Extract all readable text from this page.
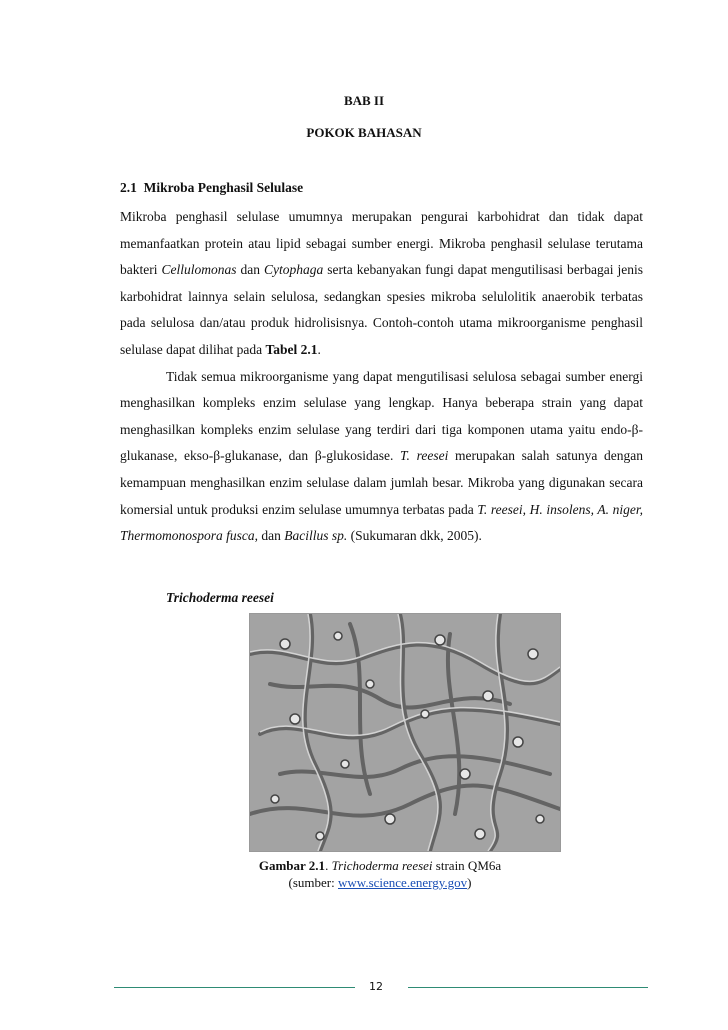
BAB II
POKOK BAHASAN
2.1 Mikroba Penghasil Selulase

Mikroba penghasil selulase umumnya merupakan pengurai karbohidrat dan tidak dapat memanfaatkan protein atau lipid sebagai sumber energi. Mikroba penghasil selulase terutama bakteri Cellulomonas dan Cytophaga serta kebanyakan fungi dapat mengutilisasi berbagai jenis karbohidrat lainnya selain selulosa, sedangkan spesies mikroba selulolitik anaerobik terbatas pada selulosa dan/atau produk hidrolisisnya. Contoh-contoh utama mikroorganisme penghasil selulase dapat dilihat pada Tabel 2.1.

Tidak semua mikroorganisme yang dapat mengutilisasi selulosa sebagai sumber energi menghasilkan kompleks enzim selulase yang lengkap. Hanya beberapa strain yang dapat menghasilkan kompleks enzim selulase yang terdiri dari tiga komponen utama yaitu endo-β-glukanase, ekso-β-glukanase, dan β-glukosidase. T. reesei merupakan salah satunya dengan kemampuan menghasilkan enzim selulase dalam jumlah besar. Mikroba yang digunakan secara komersial untuk produksi enzim selulase umumnya terbatas pada T. reesei, H. insolens, A. niger, Thermomonospora fusca, dan Bacillus sp. (Sukumaran dkk, 2005).

Trichoderma reesei
Gambar 2.1. Trichoderma reesei strain QM6a
(sumber: www.science.energy.gov)
12
